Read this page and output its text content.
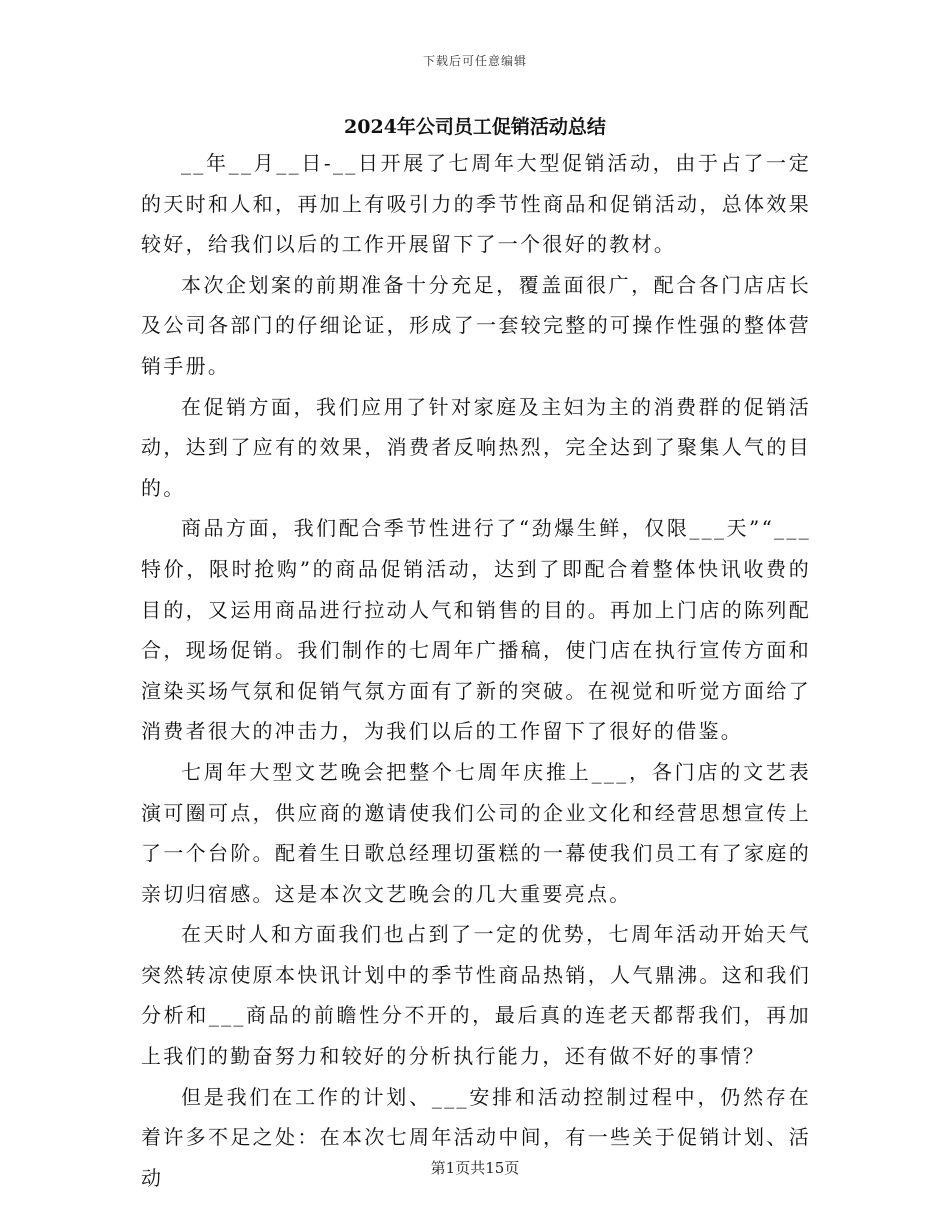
下载后可任意编辑
2024年公司员工促销活动总结

__年__月__日-__日开展了七周年大型促销活动，由于占了一定的天时和人和，再加上有吸引力的季节性商品和促销活动，总体效果较好，给我们以后的工作开展留下了一个很好的教材。

本次企划案的前期准备十分充足，覆盖面很广，配合各门店店长及公司各部门的仔细论证，形成了一套较完整的可操作性强的整体营销手册。

在促销方面，我们应用了针对家庭及主妇为主的消费群的促销活动，达到了应有的效果，消费者反响热烈，完全达到了聚集人气的目的。

商品方面，我们配合季节性进行了“劲爆生鲜，仅限___天”“___特价，限时抢购”的商品促销活动，达到了即配合着整体快讯收费的目的，又运用商品进行拉动人气和销售的目的。再加上门店的陈列配合，现场促销。我们制作的七周年广播稿，使门店在执行宣传方面和渲染买场气氛和促销气氛方面有了新的突破。在视觉和听觉方面给了消费者很大的冲击力，为我们以后的工作留下了很好的借鉴。

七周年大型文艺晚会把整个七周年庆推上___，各门店的文艺表演可圈可点，供应商的邀请使我们公司的企业文化和经营思想宣传上了一个台阶。配着生日歌总经理切蛋糕的一幕使我们员工有了家庭的亲切归宿感。这是本次文艺晚会的几大重要亮点。

在天时人和方面我们也占到了一定的优势，七周年活动开始天气突然转凉使原本快讯计划中的季节性商品热销，人气鼎沸。这和我们分析和___商品的前瞻性分不开的，最后真的连老天都帮我们，再加上我们的勤奋努力和较好的分析执行能力，还有做不好的事情？

但是我们在工作的计划、___安排和活动控制过程中，仍然存在着许多不足之处：在本次七周年活动中间，有一些关于促销计划、活动	第1页共15页
